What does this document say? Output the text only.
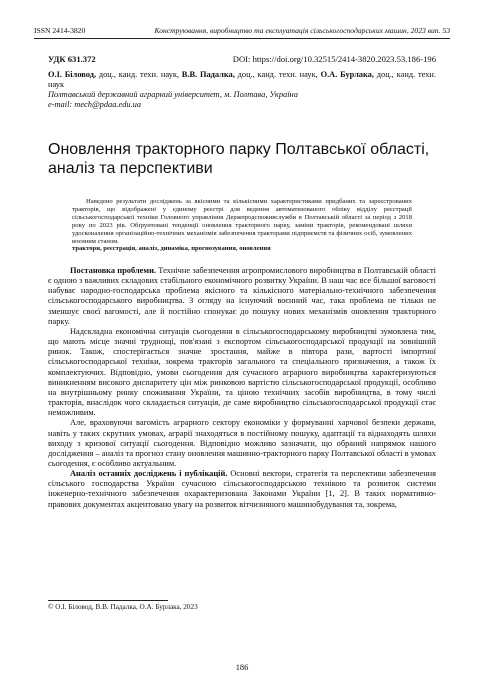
ISSN 2414-3820	Конструювання, виробництво та експлуатація сільськогосподарських машин, 2023 вип. 53
УДК 631.372	DOI: https://doi.org/10.32515/2414-3820.2023.53.186-196
О.І. Біловод, доц., канд. техн. наук, В.В. Падалка, доц., канд. техн. наук, О.А. Бурлака, доц., канд. техн. наук
Полтавський державний аграрний університет, м. Полтава, Україна
e-mail: mech@pdaa.edu.ua
Оновлення тракторного парку Полтавської області, аналіз та перспективи
Наведено результати досліджень за якісними та кількісними характеристиками придбаних та зареєстрованих тракторів, що відображені у єдиному реєстрі для ведення автоматизованого обліку відділу реєстрації сільськогосподарської техніки Головного управління Держпродспоживслужби в Полтавській області за період з 2018 року по 2023 рік. Обґрунтовані тенденції оновлення тракторного парку, заміни тракторів, рекомендовані шляхи удосконалення організаційно-технічних механізмів забезпечення тракторами підприємств та фізичних осіб, зумовлених воєнним станом.
трактори, реєстрація, аналіз, динаміка, прогнозування, оновлення

Постановка проблеми. Технічне забезпечення агропромислового виробництва в Полтавській області є одною з важливих складових стабільного економічного розвитку України. В наш час все більшої ваговості набуває народно-господарська проблема якісного та кількісного матеріально-технічного забезпечення сільськогосподарського виробництва. З огляду на існуючий воєнний час, така проблема не тільки не зменшує своєї вагомості, але й постійно спонукає до пошуку нових механізмів оновлення тракторного парку.

Надскладна економічна ситуація сьогодення в сільськогосподарському виробництві зумовлена тим, що мають місце значні труднощі, пов'язані з експортом сільськогосподарської продукції на зовнішній ринок. Також, спостерігається значне зростання, майже в півтора рази, вартості імпортної сільськогосподарської техніки, зокрема тракторів загального та спеціального призначення, а також їх комплектуючих. Відповідно, умови сьогодення для сучасного аграрного виробництва характеризуються виникненням високого диспаритету цін між ринковою вартістю сільськогосподарської продукції, особливо на внутрішньому ринку споживання України, та ціною технічних засобів виробництва, в тому числі тракторів, внаслідок чого складається ситуація, де саме виробництво сільськогосподарської продукції стає неможливим.

Але, враховуючи вагомість аграрного сектору економіки у формуванні харчової безпеки держави, навіть у таких скрутних умовах, аграрії знаходяться в постійному пошуку, адаптації та віднаходять шляхи виходу з кризової ситуації сьогодення. Відповідно можливо зазначати, що обраний напрямок нашого дослідження – аналіз та прогноз стану оновлення машинно-тракторного парку Полтавської області в умовах сьогодення, є особливо актуальним.

Аналіз останніх досліджень і публікацій. Основні вектори, стратегія та перспективи забезпечення сільського господарства України сучасною сільськогосподарською технікою та розвиток системи інженерно-технічного забезпечення охарактеризована Законами України [1, 2]. В таких нормативно-правових документах акцентовано увагу на розвиток вітчизняного машинобудування та, зокрема,

© О.І. Біловод, В.В. Падалка, О.А. Бурлака, 2023
186
